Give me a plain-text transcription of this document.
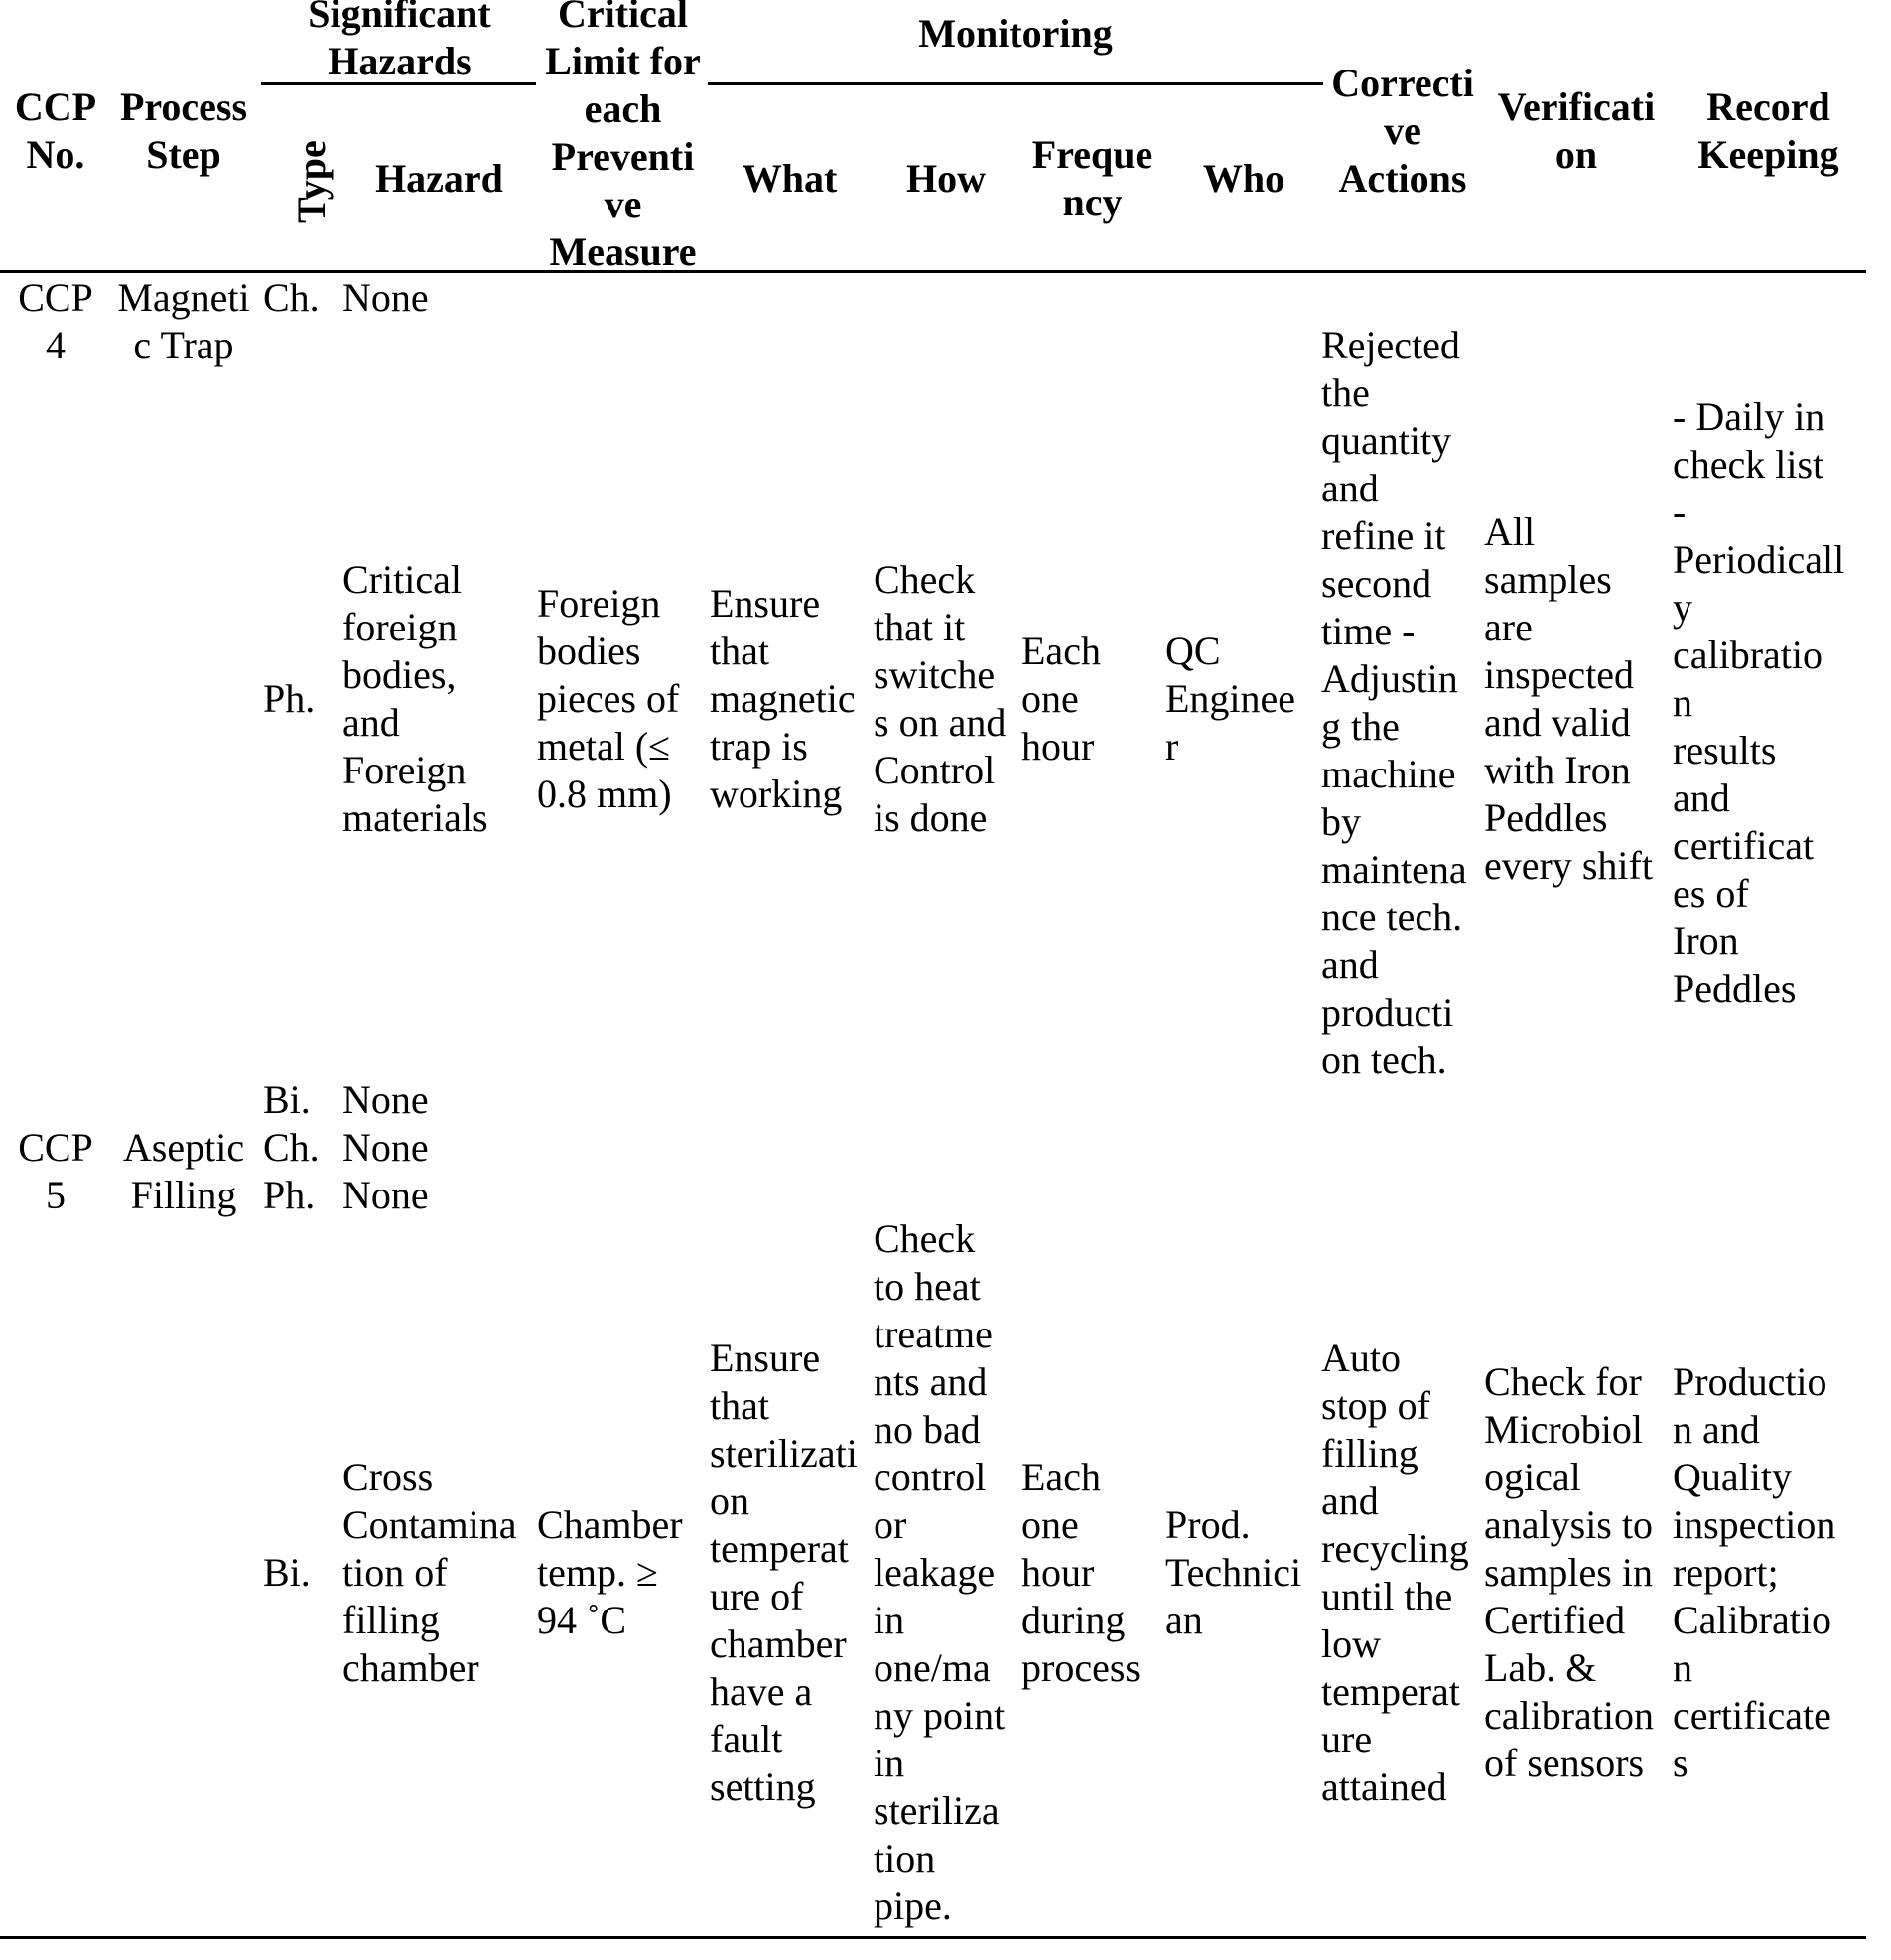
CCP
No.
Process
Step
Significant
Hazards
Type	Hazard
Critical
Limit for
each
Preventi
ve
Measure
Monitoring
What	How
Freque
ncy
Who
Correcti
ve
Actions
Verificati
on
Record
Keeping
CCP
4
Magneti
c Trap
Ch. None
Ph.
Critical
foreign
bodies,
and
Foreign
materials
Foreign
bodies
pieces of
metal (≤
0.8 mm)
Ensure
that
magnetic
trap is
working
Check
that it
switche
s on and
Control
is done
Each
one
hour
QC
Enginee
r
Rejected
the
quantity
and
refine it
second
time -
Adjustin
g the
machine
by
maintena
nce tech.
and
producti
on tech.
All
samples
are
inspected
and valid
with Iron
Peddles
every shift
- Daily in
check list
-
Periodicall
y
calibratio
n
results
and
certificat
es of
Iron
Peddles
Bi. None
CCP
5
Aseptic
Filling
Ch. None
Ph. None
Bi.
Cross
Contamina
tion of
filling
chamber
Chamber
temp. ≥
94 ˚C
Ensure
that
sterilizati
on
temperat
ure of
chamber
have a
fault
setting
Check
to heat
treatme
nts and
no bad
control
or
leakage
in
one/ma
ny point
in
steriliza
tion
pipe.
Each
one
hour
during
process
Prod.
Technici
an
Auto
stop of
filling
and
recycling
until the
low
temperat
ure
attained
Check for
Microbiol
ogical
analysis to
samples in
Certified
Lab. &
calibration
of sensors
Productio
n and
Quality
inspection
report;
Calibratio
n
certificate
s
